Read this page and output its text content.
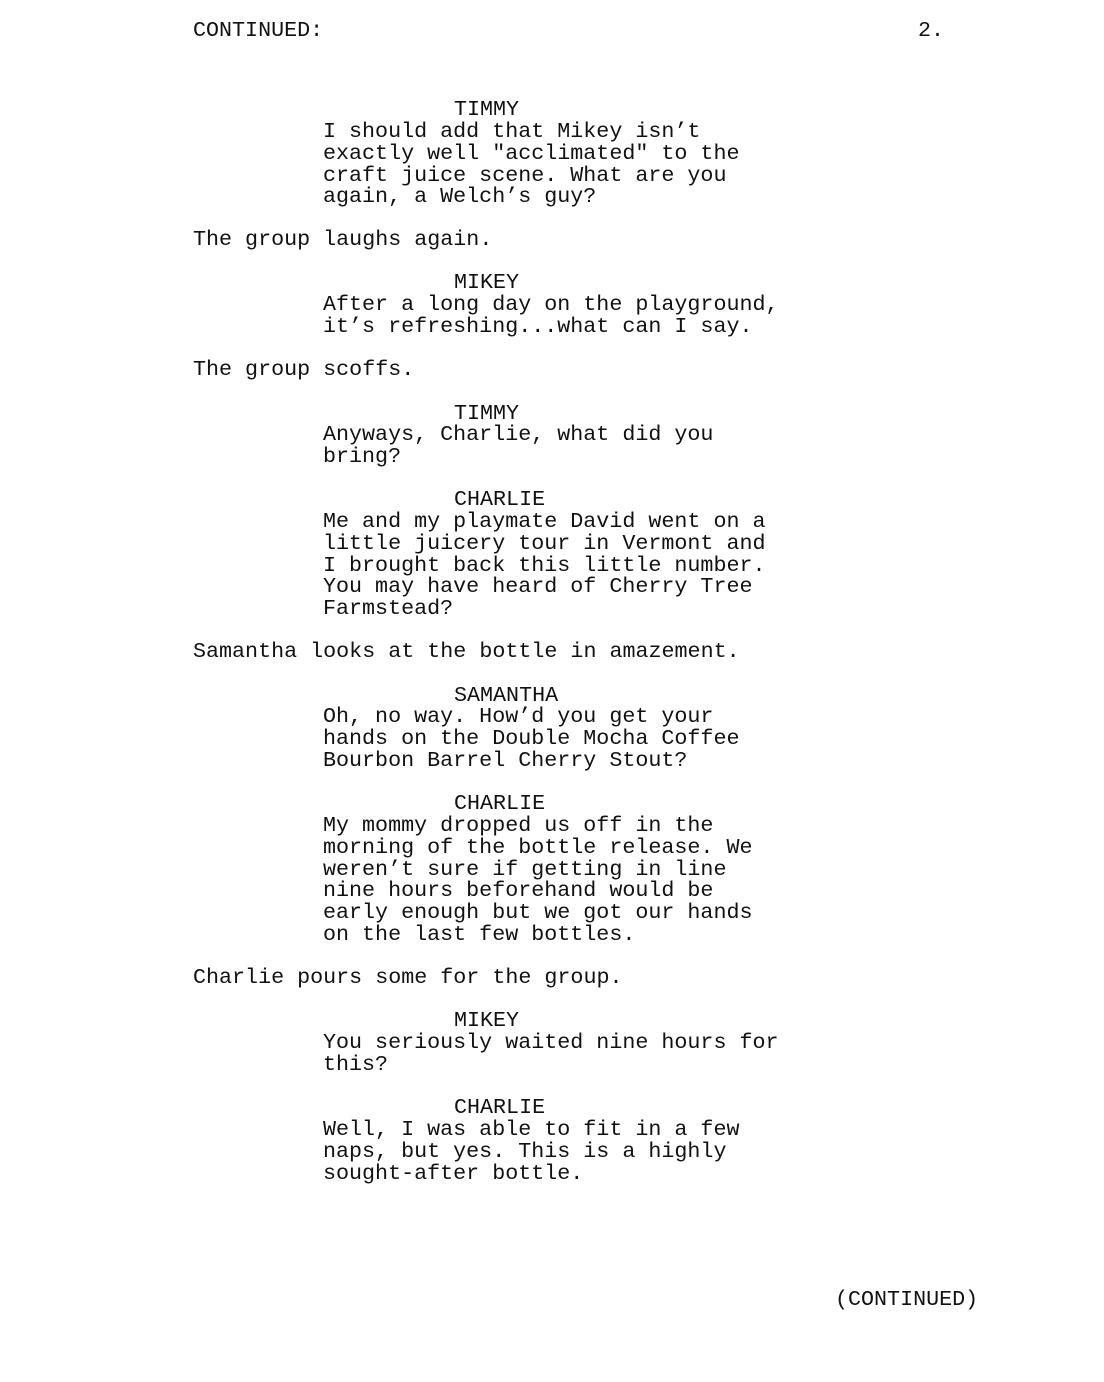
CONTINUED:	2.
TIMMY
I should add that Mikey isn’t
exactly well "acclimated" to the
craft juice scene. What are you
again, a Welch’s guy?
The group laughs again.
MIKEY
After a long day on the playground,
it’s refreshing...what can I say.
The group scoffs.
TIMMY
Anyways, Charlie, what did you
bring?
CHARLIE
Me and my playmate David went on a
little juicery tour in Vermont and
I brought back this little number.
You may have heard of Cherry Tree
Farmstead?
Samantha looks at the bottle in amazement.
SAMANTHA
Oh, no way. How’d you get your
hands on the Double Mocha Coffee
Bourbon Barrel Cherry Stout?
CHARLIE
My mommy dropped us off in the
morning of the bottle release. We
weren’t sure if getting in line
nine hours beforehand would be
early enough but we got our hands
on the last few bottles.
Charlie pours some for the group.
MIKEY
You seriously waited nine hours for
this?
CHARLIE
Well, I was able to fit in a few
naps, but yes. This is a highly
sought-after bottle.
(CONTINUED)
